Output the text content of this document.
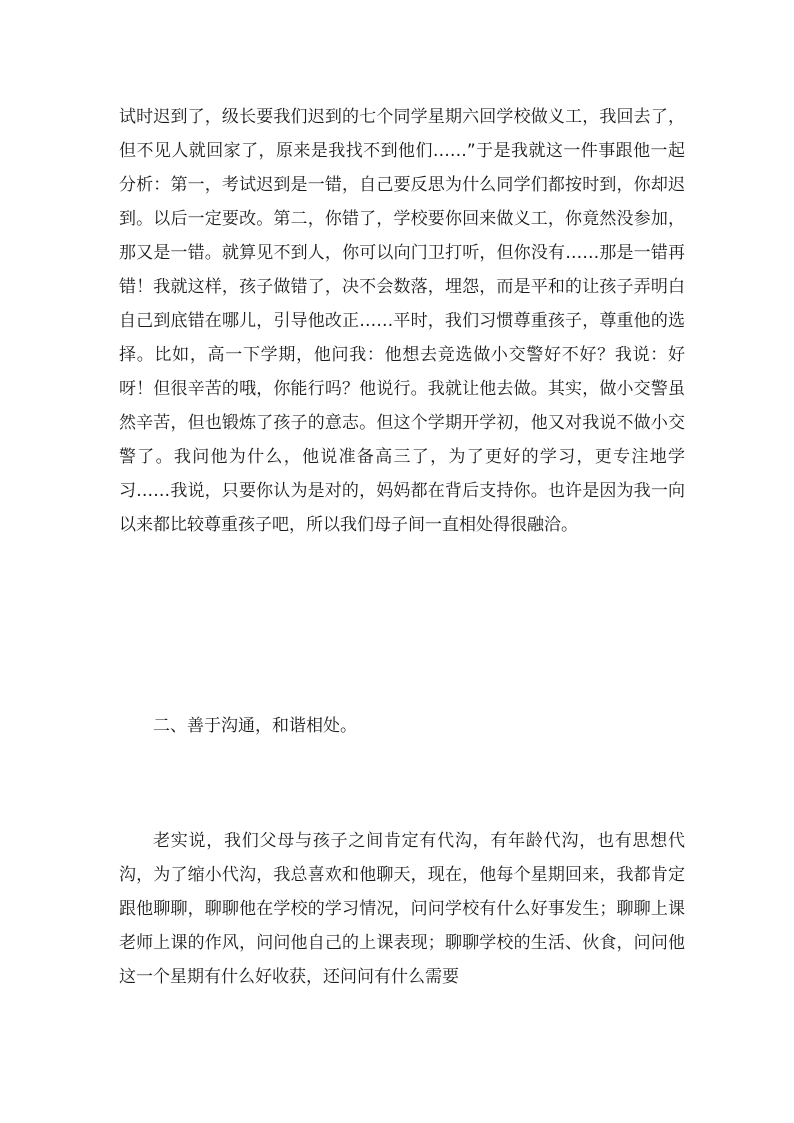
试时迟到了，级长要我们迟到的七个同学星期六回学校做义工，我回去了，但不见人就回家了，原来是我找不到他们……”于是我就这一件事跟他一起分析：第一，考试迟到是一错，自己要反思为什么同学们都按时到，你却迟到。以后一定要改。第二，你错了，学校要你回来做义工，你竟然没参加，那又是一错。就算见不到人，你可以向门卫打听，但你没有……那是一错再错！我就这样，孩子做错了，决不会数落，埋怨，而是平和的让孩子弄明白自己到底错在哪儿，引导他改正……平时，我们习惯尊重孩子，尊重他的选择。比如，高一下学期，他问我：他想去竞选做小交警好不好？我说：好呀！但很辛苦的哦，你能行吗？他说行。我就让他去做。其实，做小交警虽然辛苦，但也锻炼了孩子的意志。但这个学期开学初，他又对我说不做小交警了。我问他为什么，他说准备高三了，为了更好的学习，更专注地学习……我说，只要你认为是对的，妈妈都在背后支持你。也许是因为我一向以来都比较尊重孩子吧，所以我们母子间一直相处得很融洽。

二、善于沟通，和谐相处。

老实说，我们父母与孩子之间肯定有代沟，有年龄代沟，也有思想代沟，为了缩小代沟，我总喜欢和他聊天，现在，他每个星期回来，我都肯定跟他聊聊，聊聊他在学校的学习情况，问问学校有什么好事发生；聊聊上课老师上课的作风，问问他自己的上课表现；聊聊学校的生活、伙食，问问他这一个星期有什么好收获，还问问有什么需要
